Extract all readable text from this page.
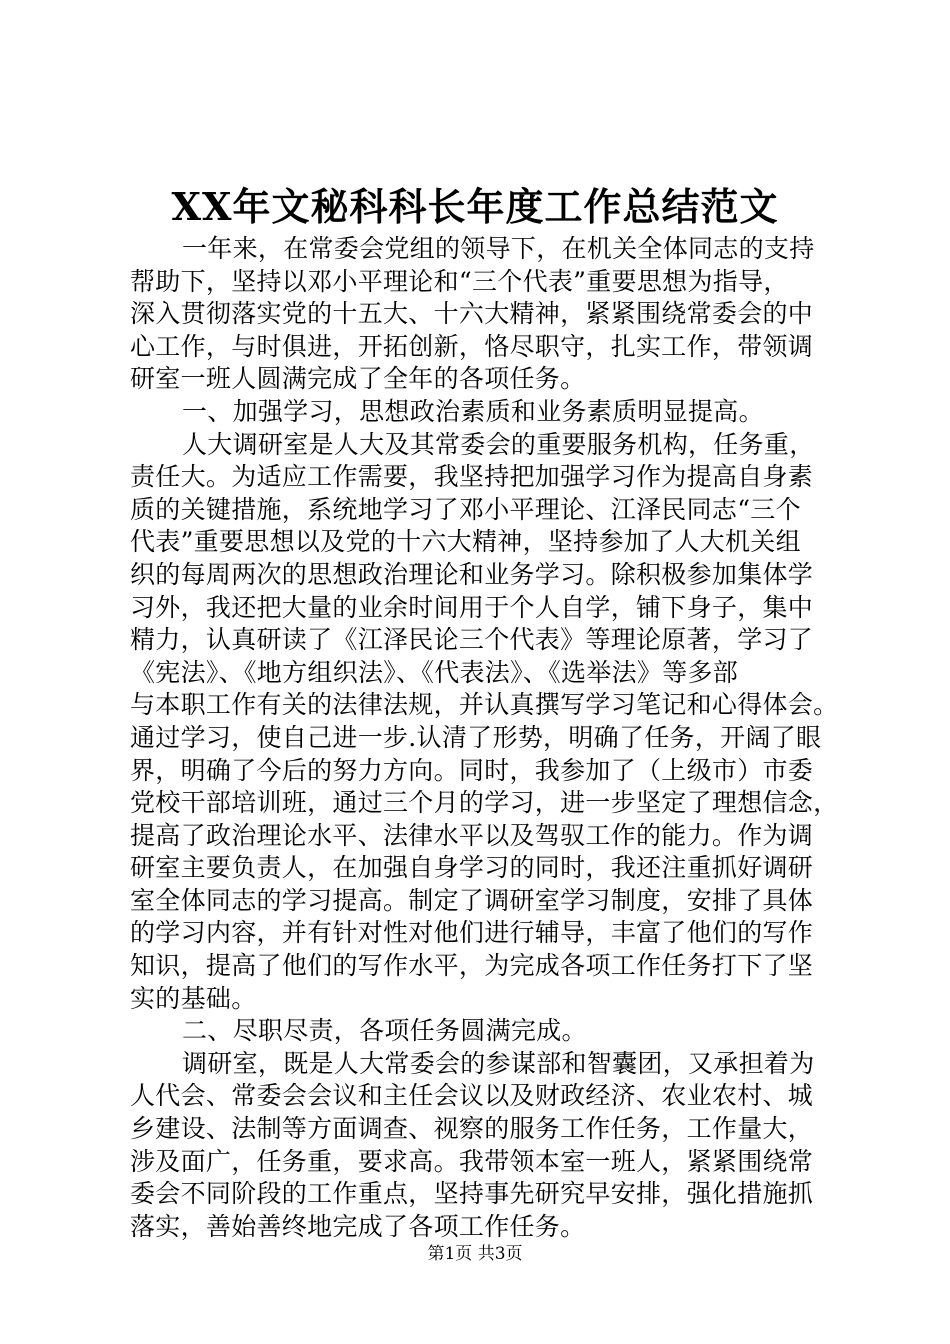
XX年文秘科科长年度工作总结范文
一年来，在常委会党组的领导下，在机关全体同志的支持
帮助下，坚持以邓小平理论和“三个代表”重要思想为指导，
深入贯彻落实党的十五大、十六大精神，紧紧围绕常委会的中
心工作，与时俱进，开拓创新，恪尽职守，扎实工作，带领调
研室一班人圆满完成了全年的各项任务。
一、加强学习，思想政治素质和业务素质明显提高。
人大调研室是人大及其常委会的重要服务机构，任务重，
责任大。为适应工作需要，我坚持把加强学习作为提高自身素
质的关键措施，系统地学习了邓小平理论、江泽民同志“三个
代表”重要思想以及党的十六大精神，坚持参加了人大机关组
织的每周两次的思想政治理论和业务学习。除积极参加集体学
习外，我还把大量的业余时间用于个人自学，铺下身子，集中
精力，认真研读了《江泽民论三个代表》等理论原著，学习了
《宪法》、《地方组织法》、《代表法》、《选举法》等多部
与本职工作有关的法律法规，并认真撰写学习笔记和心得体会。
通过学习，使自己进一步.认清了形势，明确了任务，开阔了眼
界，明确了今后的努力方向。同时，我参加了（上级市）市委
党校干部培训班，通过三个月的学习，进一步坚定了理想信念，
提高了政治理论水平、法律水平以及驾驭工作的能力。作为调
研室主要负责人，在加强自身学习的同时，我还注重抓好调研
室全体同志的学习提高。制定了调研室学习制度，安排了具体
的学习内容，并有针对性对他们进行辅导，丰富了他们的写作
知识，提高了他们的写作水平，为完成各项工作任务打下了坚
实的基础。
二、尽职尽责，各项任务圆满完成。
调研室，既是人大常委会的参谋部和智囊团，又承担着为
人代会、常委会会议和主任会议以及财政经济、农业农村、城
乡建设、法制等方面调查、视察的服务工作任务，工作量大，
涉及面广，任务重，要求高。我带领本室一班人，紧紧围绕常
委会不同阶段的工作重点，坚持事先研究早安排，强化措施抓
落实，善始善终地完成了各项工作任务。
第1页 共3页
